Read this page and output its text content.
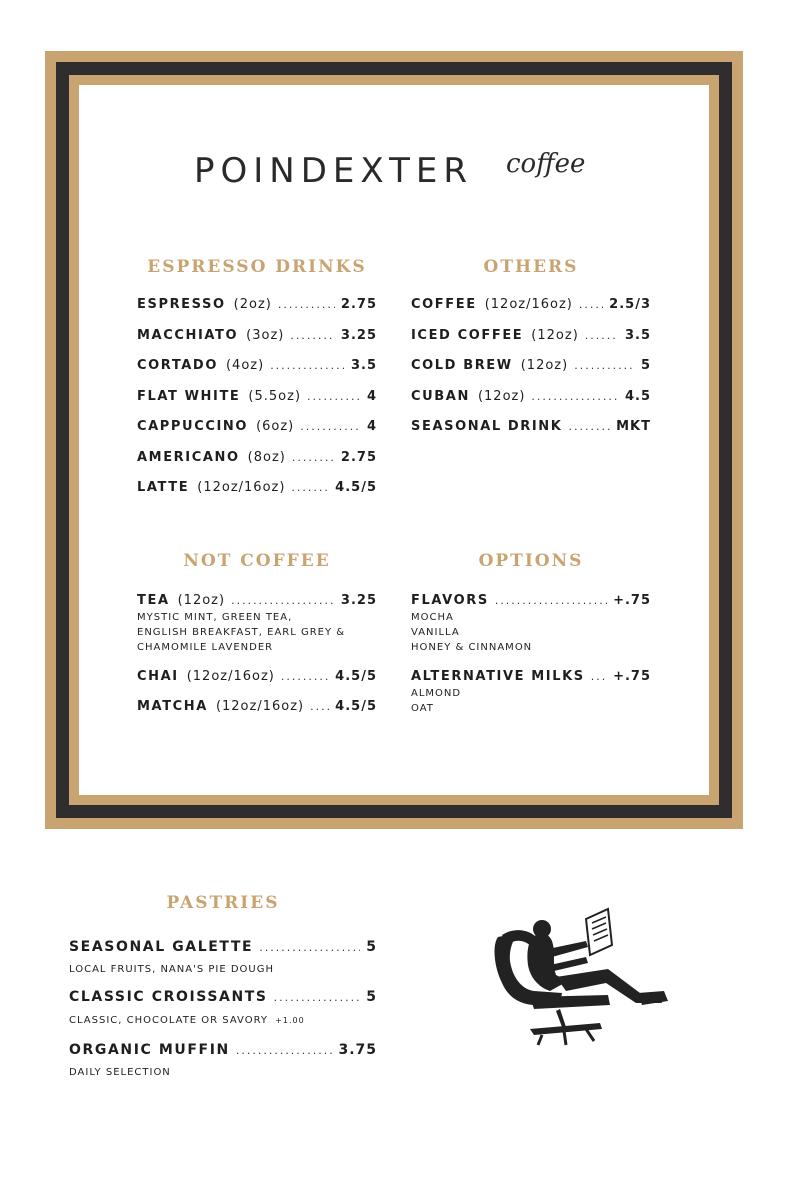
POINDEXTER coffee
ESPRESSO DRINKS
ESPRESSO (2oz) .....	2.75
MACCHIATO (3oz) .....	3.25
CORTADO (4oz) .....	3.5
FLAT WHITE (5.5oz) .....	4
CAPPUCCINO (6oz) .....	4
AMERICANO (8oz) .....	2.75
LATTE (12oz/16oz) .....	4.5/5
OTHERS
COFFEE (12oz/16oz) .....	2.5/3
ICED COFFEE (12oz) .....	3.5
COLD BREW (12oz) .....	5
CUBAN (12oz) .....	4.5
SEASONAL DRINK .....	MKT
NOT COFFEE
TEA (12oz) .....	3.25
MYSTIC MINT, GREEN TEA,
ENGLISH BREAKFAST, EARL GREY &
CHAMOMILE LAVENDER
CHAI (12oz/16oz) .....	4.5/5
MATCHA (12oz/16oz) ..... 4.5/5
OPTIONS
FLAVORS .....	+.75
MOCHA
VANILLA
HONEY & CINNAMON
ALTERNATIVE MILKS ..... +.75
ALMOND
OAT
PASTRIES
SEASONAL GALETTE .....	5
LOCAL FRUITS, NANA'S PIE DOUGH
CLASSIC CROISSANTS .....	5
CLASSIC, CHOCOLATE OR SAVORY +1.00
ORGANIC MUFFIN .....	3.75
DAILY SELECTION
